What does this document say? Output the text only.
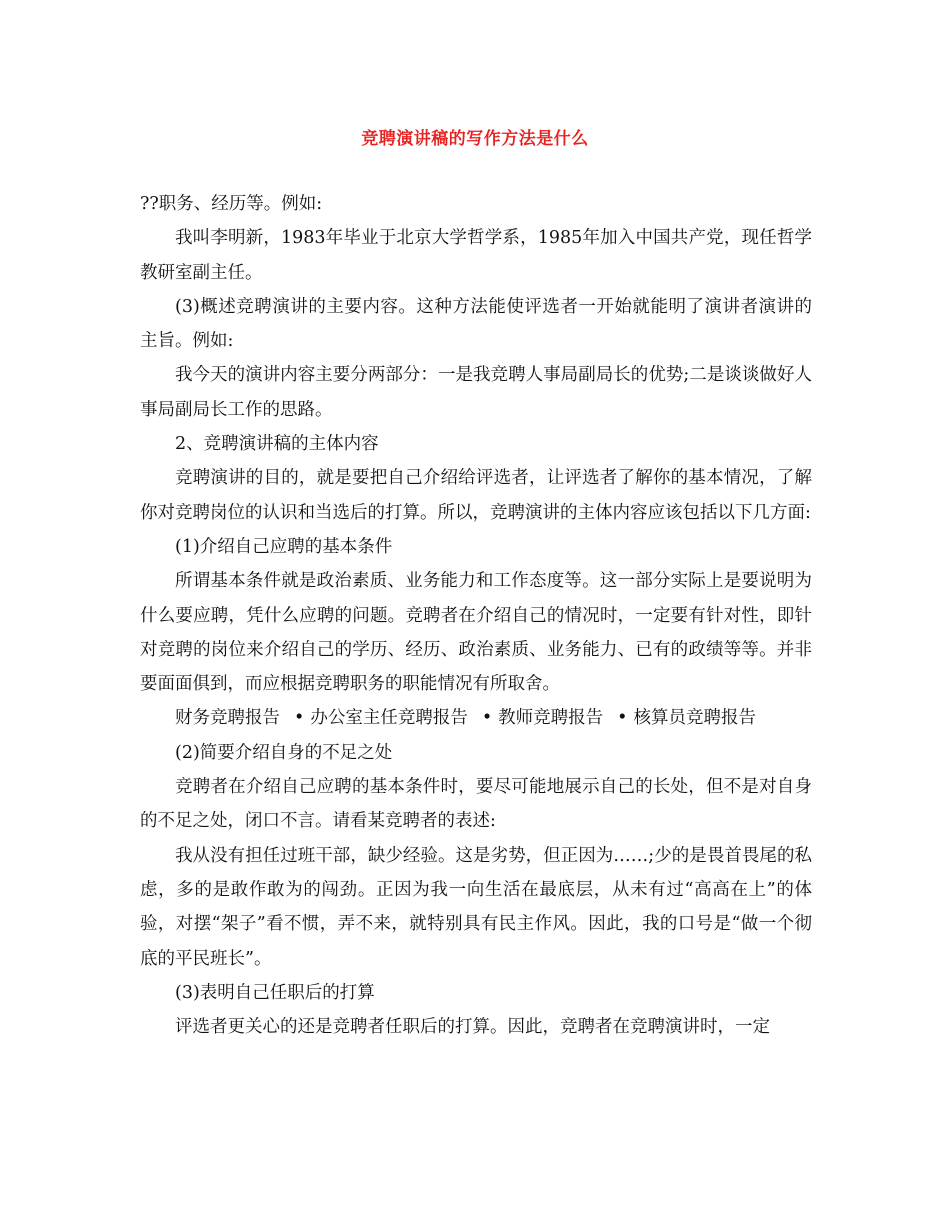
竞聘演讲稿的写作方法是什么

??职务、经历等。例如:

我叫李明新，1983年毕业于北京大学哲学系，1985年加入中国共产党，现任哲学教研室副主任。

(3)概述竞聘演讲的主要内容。这种方法能使评选者一开始就能明了演讲者演讲的主旨。例如:

我今天的演讲内容主要分两部分：一是我竞聘人事局副局长的优势;二是谈谈做好人事局副局长工作的思路。

2、竞聘演讲稿的主体内容

竞聘演讲的目的，就是要把自己介绍给评选者，让评选者了解你的基本情况，了解你对竞聘岗位的认识和当选后的打算。所以，竞聘演讲的主体内容应该包括以下几方面:

(1)介绍自己应聘的基本条件

所谓基本条件就是政治素质、业务能力和工作态度等。这一部分实际上是要说明为什么要应聘，凭什么应聘的问题。竞聘者在介绍自己的情况时，一定要有针对性，即针对竞聘的岗位来介绍自己的学历、经历、政治素质、业务能力、已有的政绩等等。并非要面面俱到，而应根据竞聘职务的职能情况有所取舍。

财务竞聘报告 • 办公室主任竞聘报告 • 教师竞聘报告 • 核算员竞聘报告

(2)简要介绍自身的不足之处

竞聘者在介绍自己应聘的基本条件时，要尽可能地展示自己的长处，但不是对自身的不足之处，闭口不言。请看某竞聘者的表述:

我从没有担任过班干部，缺少经验。这是劣势，但正因为……;少的是畏首畏尾的私虑，多的是敢作敢为的闯劲。正因为我一向生活在最底层，从未有过“高高在上”的体验，对摆“架子”看不惯，弄不来，就特别具有民主作风。因此，我的口号是“做一个彻底的平民班长”。

(3)表明自己任职后的打算

评选者更关心的还是竞聘者任职后的打算。因此，竞聘者在竞聘演讲时，一定
